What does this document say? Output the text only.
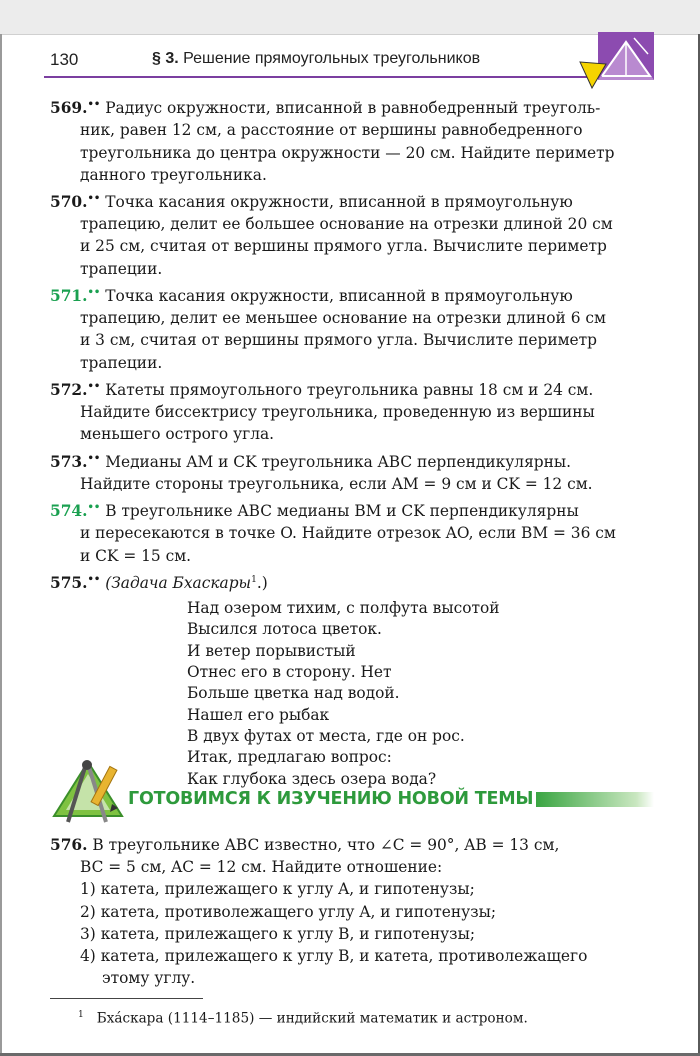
130	§ 3. Решение прямоугольных треугольников
569.•• Радиус окружности, вписанной в равнобедренный треуголь-
ник, равен 12 см, а расстояние от вершины равнобедренного
треугольника до центра окружности — 20 см. Найдите периметр
данного треугольника.
570.•• Точка касания окружности, вписанной в прямоугольную
трапецию, делит ее большее основание на отрезки длиной 20 см
и 25 см, считая от вершины прямого угла. Вычислите периметр
трапеции.
571.•• Точка касания окружности, вписанной в прямоугольную
трапецию, делит ее меньшее основание на отрезки длиной 6 см
и 3 см, считая от вершины прямого угла. Вычислите периметр
трапеции.
572.•• Катеты прямоугольного треугольника равны 18 см и 24 см.
Найдите биссектрису треугольника, проведенную из вершины
меньшего острого угла.
573.•• Медианы AM и CK треугольника ABC перпендикулярны.
Найдите стороны треугольника, если AM = 9 см и CK = 12 см.
574.•• В треугольнике ABC медианы BM и CK перпендикулярны
и пересекаются в точке O. Найдите отрезок AO, если BM = 36 см
и CK = 15 см.
575.•• (Задача Бхаскары$^1$.)
Над озером тихим, с полфута высотой
Высился лотоса цветок.
И ветер порывистый
Отнес его в сторону. Нет
Больше цветка над водой.
Нашел его рыбак
В двух футах от места, где он рос.
Итак, предлагаю вопрос:
Как глубока здесь озера вода?
ГОТОВИМСЯ К ИЗУЧЕНИЮ НОВОЙ ТЕМЫ
576. В треугольнике ABC известно, что ∠C = 90°, AB = 13 см,
BC = 5 см, AC = 12 см. Найдите отношение:
1) катета, прилежащего к углу A, и гипотенузы;
2) катета, противолежащего углу A, и гипотенузы;
3) катета, прилежащего к углу B, и гипотенузы;
4) катета, прилежащего к углу B, и катета, противолежащего
этому углу.
$^1$ Бхáскара (1114–1185) — индийский математик и астроном.
